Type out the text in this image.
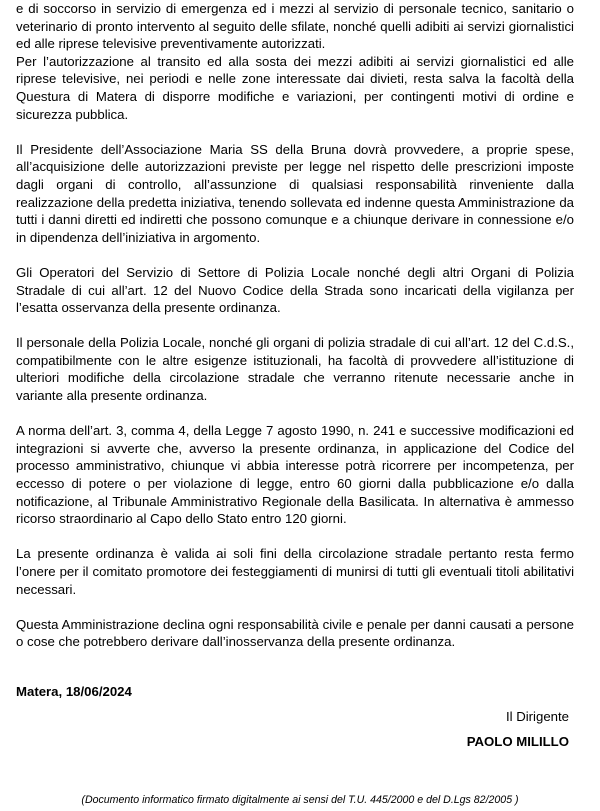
e di soccorso in servizio di emergenza ed i mezzi al servizio di personale tecnico, sanitario o veterinario di pronto intervento al seguito delle sfilate, nonché quelli adibiti ai servizi giornalistici ed alle riprese televisive preventivamente autorizzati.

Per l’autorizzazione al transito ed alla sosta dei mezzi adibiti ai servizi giornalistici ed alle riprese televisive, nei periodi e nelle zone interessate dai divieti, resta salva la facoltà della Questura di Matera di disporre modifiche e variazioni, per contingenti motivi di ordine e sicurezza pubblica.

Il Presidente dell’Associazione Maria SS della Bruna dovrà provvedere, a proprie spese, all’acquisizione delle autorizzazioni previste per legge nel rispetto delle prescrizioni imposte dagli organi di controllo, all’assunzione di qualsiasi responsabilità rinveniente dalla realizzazione della predetta iniziativa, tenendo sollevata ed indenne questa Amministrazione da tutti i danni diretti ed indiretti che possono comunque e a chiunque derivare in connessione e/o in dipendenza dell’iniziativa in argomento.

Gli Operatori del Servizio di Settore di Polizia Locale nonché degli altri Organi di Polizia Stradale di cui all’art. 12 del Nuovo Codice della Strada sono incaricati della vigilanza per l’esatta osservanza della presente ordinanza.

Il personale della Polizia Locale, nonché gli organi di polizia stradale di cui all’art. 12 del C.d.S., compatibilmente con le altre esigenze istituzionali, ha facoltà di provvedere all’istituzione di ulteriori modifiche della circolazione stradale che verranno ritenute necessarie anche in variante alla presente ordinanza.

A norma dell’art. 3, comma 4, della Legge 7 agosto 1990, n. 241 e successive modificazioni ed integrazioni si avverte che, avverso la presente ordinanza, in applicazione del Codice del processo amministrativo, chiunque vi abbia interesse potrà ricorrere per incompetenza, per eccesso di potere o per violazione di legge, entro 60 giorni dalla pubblicazione e/o dalla notificazione, al Tribunale Amministrativo Regionale della Basilicata. In alternativa è ammesso ricorso straordinario al Capo dello Stato entro 120 giorni.

La presente ordinanza è valida ai soli fini della circolazione stradale pertanto resta fermo l’onere per il comitato promotore dei festeggiamenti di munirsi di tutti gli eventuali titoli abilitativi necessari.

Questa Amministrazione declina ogni responsabilità civile e penale per danni causati a persone o cose che potrebbero derivare dall’inosservanza della presente ordinanza.

Matera, 18/06/2024
Il Dirigente
PAOLO MILILLO
(Documento informatico firmato digitalmente ai sensi del T.U. 445/2000 e del D.Lgs 82/2005 )
